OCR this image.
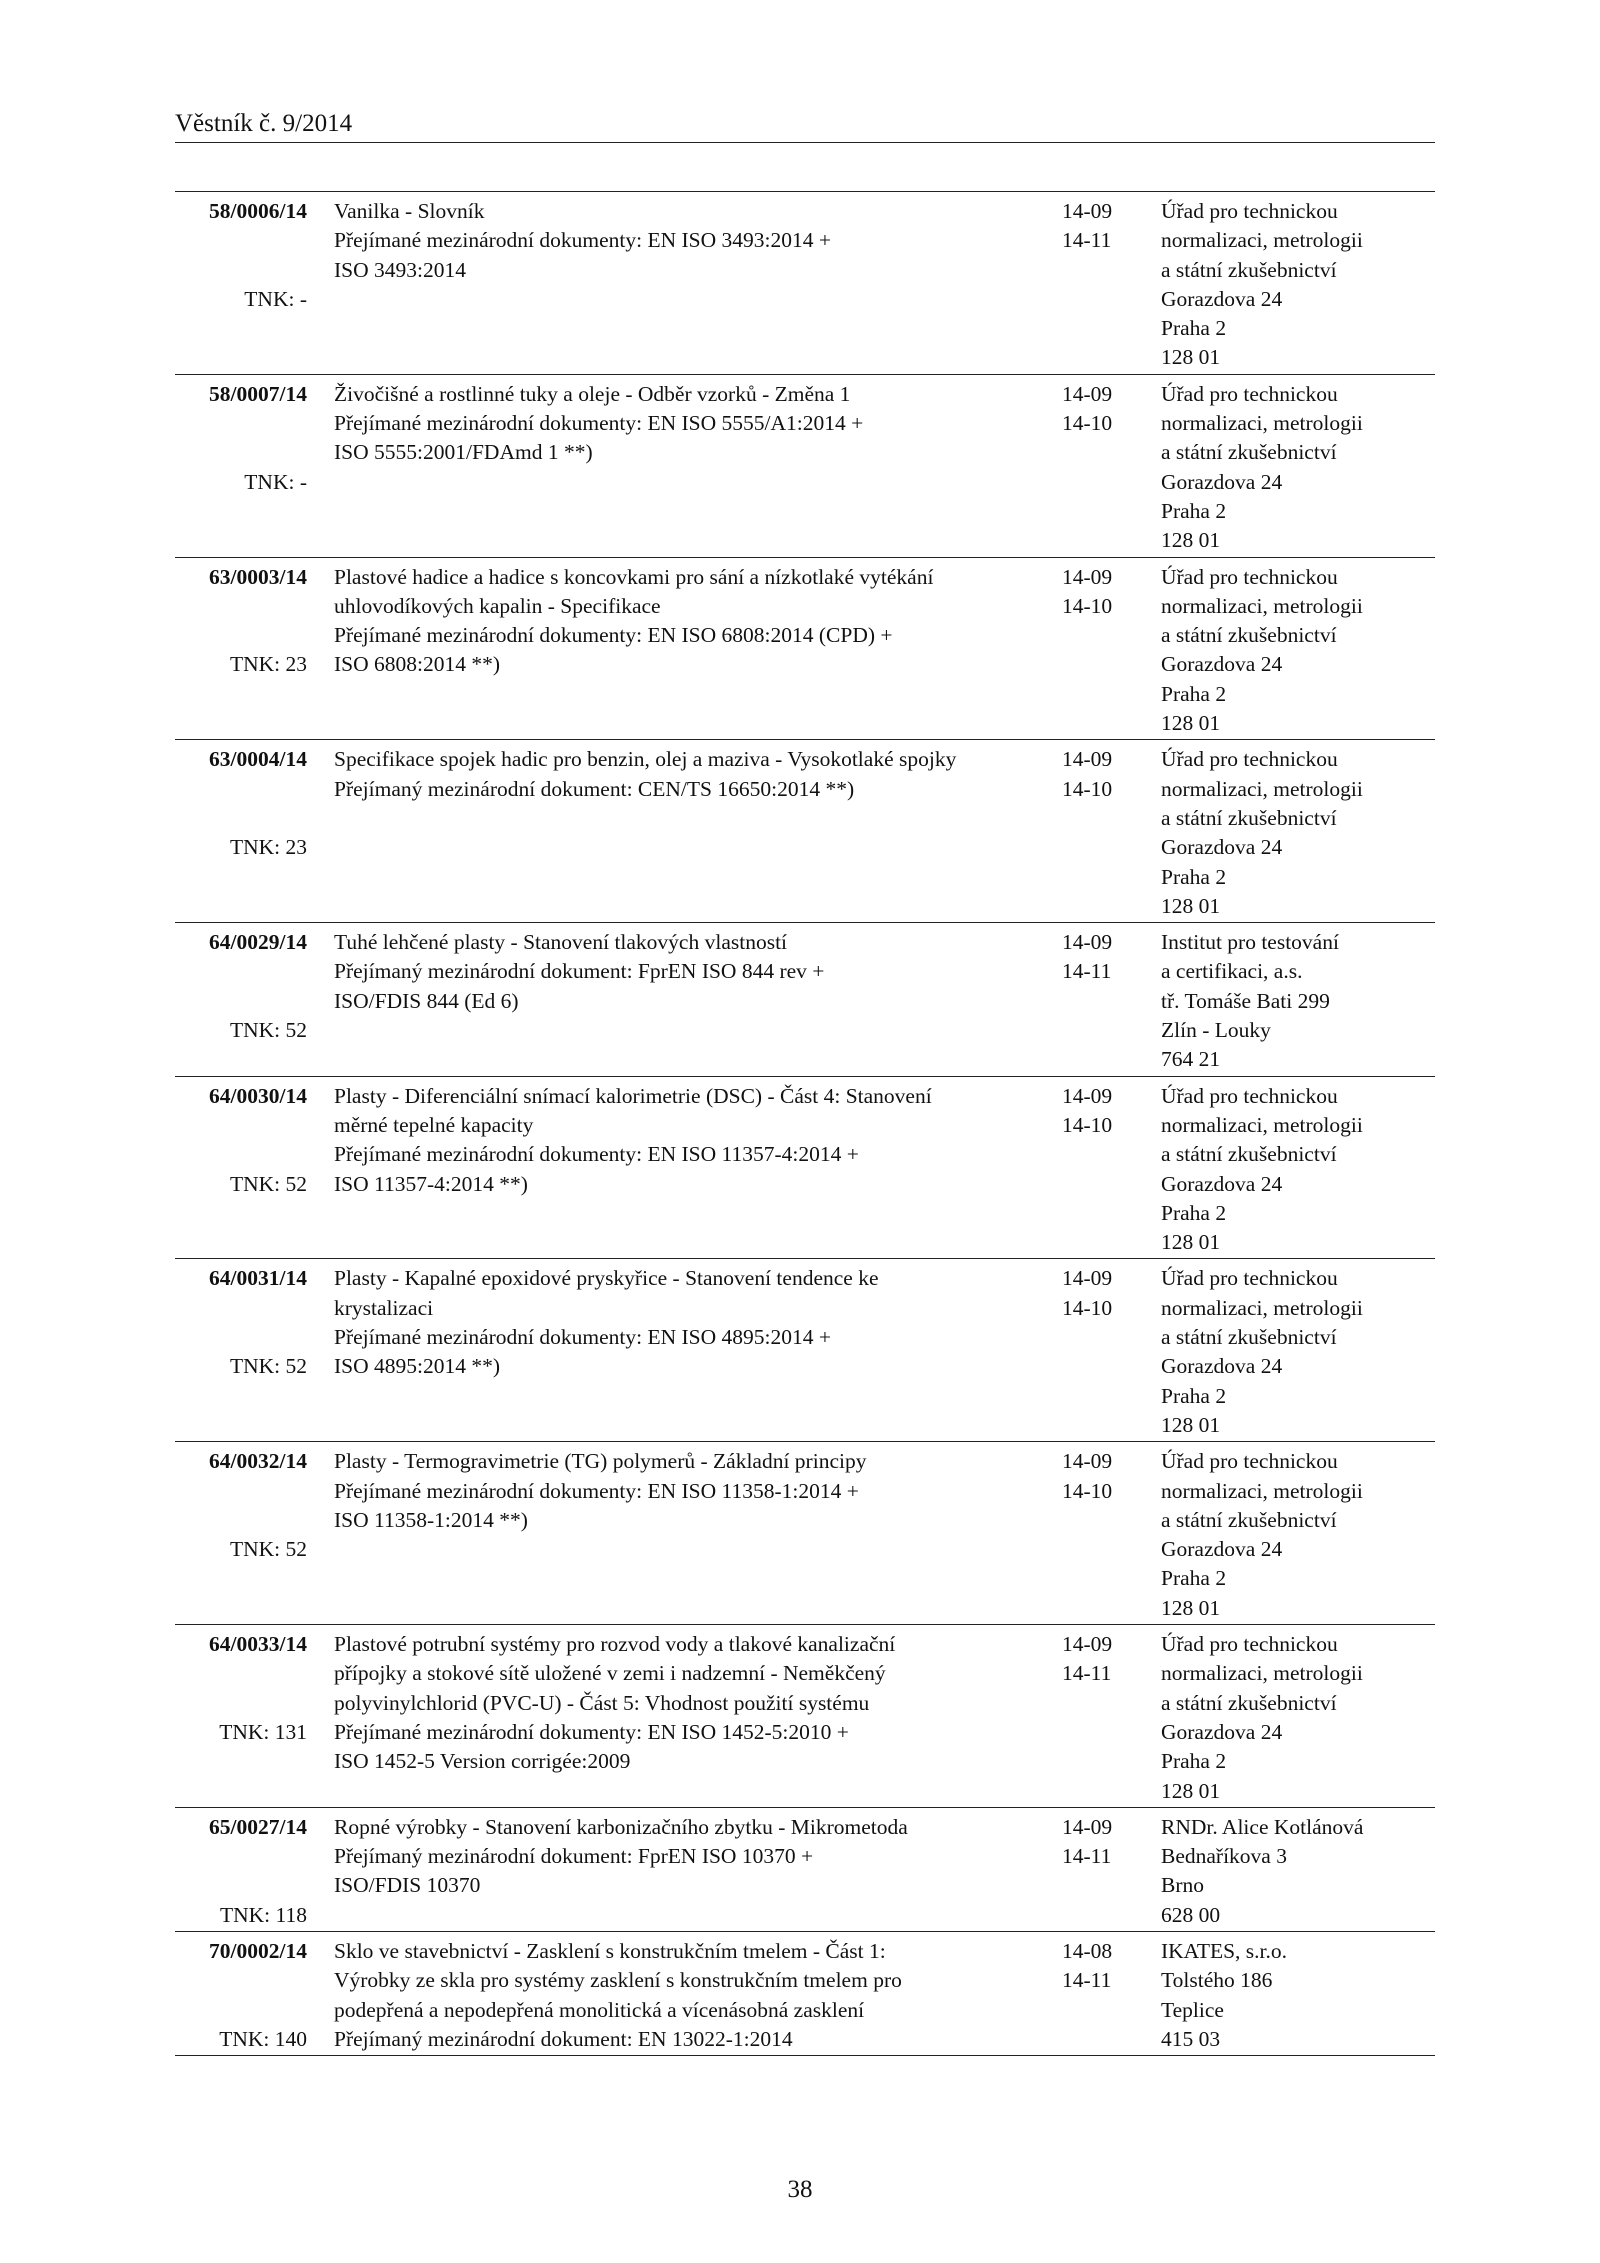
Věstník č. 9/2014
58/0006/14
TNK: -
Vanilka - Slovník
Přejímané mezinárodní dokumenty: EN ISO 3493:2014 +
ISO 3493:2014
14-09
14-11
Úřad pro technickou
normalizaci, metrologii
a státní zkušebnictví
Gorazdova 24
Praha 2
128 01
58/0007/14
TNK: -
Živočišné a rostlinné tuky a oleje - Odběr vzorků - Změna 1
Přejímané mezinárodní dokumenty: EN ISO 5555/A1:2014 +
ISO 5555:2001/FDAmd 1 **)
14-09
14-10
Úřad pro technickou
normalizaci, metrologii
a státní zkušebnictví
Gorazdova 24
Praha 2
128 01
63/0003/14
TNK: 23
Plastové hadice a hadice s koncovkami pro sání a nízkotlaké vytékání
uhlovodíkových kapalin - Specifikace
Přejímané mezinárodní dokumenty: EN ISO 6808:2014 (CPD) +
ISO 6808:2014 **)
14-09
14-10
Úřad pro technickou
normalizaci, metrologii
a státní zkušebnictví
Gorazdova 24
Praha 2
128 01
63/0004/14
TNK: 23
Specifikace spojek hadic pro benzin, olej a maziva - Vysokotlaké spojky
Přejímaný mezinárodní dokument: CEN/TS 16650:2014 **)
14-09
14-10
Úřad pro technickou
normalizaci, metrologii
a státní zkušebnictví
Gorazdova 24
Praha 2
128 01
64/0029/14
TNK: 52
Tuhé lehčené plasty - Stanovení tlakových vlastností
Přejímaný mezinárodní dokument: FprEN ISO 844 rev +
ISO/FDIS 844 (Ed 6)
14-09
14-11
Institut pro testování
a certifikaci, a.s.
tř. Tomáše Bati 299
Zlín - Louky
764 21
64/0030/14
TNK: 52
Plasty - Diferenciální snímací kalorimetrie (DSC) - Část 4: Stanovení
měrné tepelné kapacity
Přejímané mezinárodní dokumenty: EN ISO 11357-4:2014 +
ISO 11357-4:2014 **)
14-09
14-10
Úřad pro technickou
normalizaci, metrologii
a státní zkušebnictví
Gorazdova 24
Praha 2
128 01
64/0031/14
TNK: 52
Plasty - Kapalné epoxidové pryskyřice - Stanovení tendence ke
krystalizaci
Přejímané mezinárodní dokumenty: EN ISO 4895:2014 +
ISO 4895:2014 **)
14-09
14-10
Úřad pro technickou
normalizaci, metrologii
a státní zkušebnictví
Gorazdova 24
Praha 2
128 01
64/0032/14
TNK: 52
Plasty - Termogravimetrie (TG) polymerů - Základní principy
Přejímané mezinárodní dokumenty: EN ISO 11358-1:2014 +
ISO 11358-1:2014 **)
14-09
14-10
Úřad pro technickou
normalizaci, metrologii
a státní zkušebnictví
Gorazdova 24
Praha 2
128 01
64/0033/14
TNK: 131
Plastové potrubní systémy pro rozvod vody a tlakové kanalizační
přípojky a stokové sítě uložené v zemi i nadzemní - Neměkčený
polyvinylchlorid (PVC-U) - Část 5: Vhodnost použití systému
Přejímané mezinárodní dokumenty: EN ISO 1452-5:2010 +
ISO 1452-5 Version corrigée:2009
14-09
14-11
Úřad pro technickou
normalizaci, metrologii
a státní zkušebnictví
Gorazdova 24
Praha 2
128 01
65/0027/14
TNK: 118
Ropné výrobky - Stanovení karbonizačního zbytku - Mikrometoda
Přejímaný mezinárodní dokument: FprEN ISO 10370 +
ISO/FDIS 10370
14-09
14-11
RNDr. Alice Kotlánová
Bednaříkova 3
Brno
628 00
70/0002/14
TNK: 140
Sklo ve stavebnictví - Zasklení s konstrukčním tmelem - Část 1:
Výrobky ze skla pro systémy zasklení s konstrukčním tmelem pro
podepřená a nepodepřená monolitická a vícenásobná zasklení
Přejímaný mezinárodní dokument: EN 13022-1:2014
14-08
14-11
IKATES, s.r.o.
Tolstého 186
Teplice
415 03
38
